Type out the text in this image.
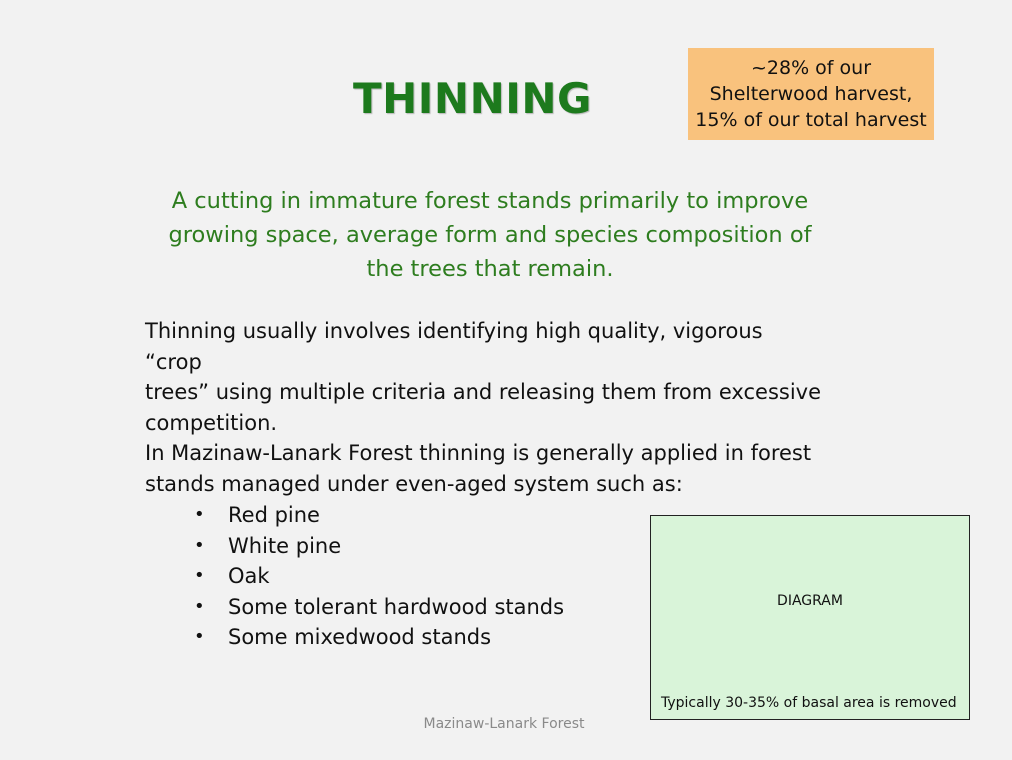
THINNING
~28% of our
Shelterwood harvest,
15% of our total harvest
A cutting in immature forest stands primarily to improve
growing space, average form and species composition of
the trees that remain.
Thinning usually involves identifying high quality, vigorous “crop
trees” using multiple criteria and releasing them from excessive
competition.
In Mazinaw-Lanark Forest thinning is generally applied in forest
stands managed under even-aged system such as:
•	Red pine
•	White pine
•	Oak
•	Some tolerant hardwood stands
•	Some mixedwood stands
DIAGRAM
Typically 30-35% of basal area is removed
Mazinaw-Lanark Forest
